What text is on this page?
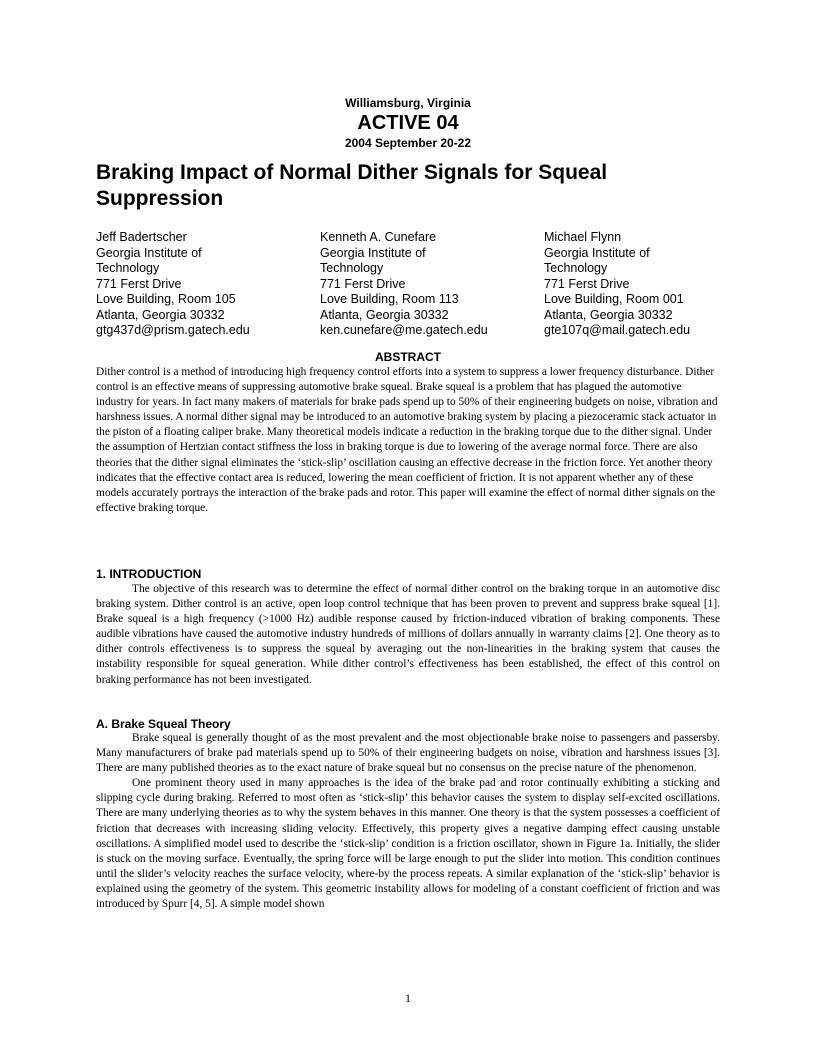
Williamsburg, Virginia
ACTIVE 04
2004 September 20-22
Braking Impact of Normal Dither Signals for Squeal Suppression
Jeff Badertscher
Georgia Institute of
Technology
771 Ferst Drive
Love Building, Room 105
Atlanta, Georgia 30332
gtg437d@prism.gatech.edu
Kenneth A. Cunefare
Georgia Institute of
Technology
771 Ferst Drive
Love Building, Room 113
Atlanta, Georgia 30332
ken.cunefare@me.gatech.edu
Michael Flynn
Georgia Institute of
Technology
771 Ferst Drive
Love Building, Room 001
Atlanta, Georgia 30332
gte107q@mail.gatech.edu
ABSTRACT

Dither control is a method of introducing high frequency control efforts into a system to suppress a lower frequency disturbance. Dither control is an effective means of suppressing automotive brake squeal. Brake squeal is a problem that has plagued the automotive industry for years. In fact many makers of materials for brake pads spend up to 50% of their engineering budgets on noise, vibration and harshness issues. A normal dither signal may be introduced to an automotive braking system by placing a piezoceramic stack actuator in the piston of a floating caliper brake. Many theoretical models indicate a reduction in the braking torque due to the dither signal. Under the assumption of Hertzian contact stiffness the loss in braking torque is due to lowering of the average normal force. There are also theories that the dither signal eliminates the ‘stick-slip’ oscillation causing an effective decrease in the friction force. Yet another theory indicates that the effective contact area is reduced, lowering the mean coefficient of friction. It is not apparent whether any of these models accurately portrays the interaction of the brake pads and rotor. This paper will examine the effect of normal dither signals on the effective braking torque.

1. INTRODUCTION

The objective of this research was to determine the effect of normal dither control on the braking torque in an automotive disc braking system. Dither control is an active, open loop control technique that has been proven to prevent and suppress brake squeal [1]. Brake squeal is a high frequency (>1000 Hz) audible response caused by friction-induced vibration of braking components. These audible vibrations have caused the automotive industry hundreds of millions of dollars annually in warranty claims [2]. One theory as to dither controls effectiveness is to suppress the squeal by averaging out the non-linearities in the braking system that causes the instability responsible for squeal generation. While dither control’s effectiveness has been established, the effect of this control on braking performance has not been investigated.

A. Brake Squeal Theory

Brake squeal is generally thought of as the most prevalent and the most objectionable brake noise to passengers and passersby. Many manufacturers of brake pad materials spend up to 50% of their engineering budgets on noise, vibration and harshness issues [3]. There are many published theories as to the exact nature of brake squeal but no consensus on the precise nature of the phenomenon.

One prominent theory used in many approaches is the idea of the brake pad and rotor continually exhibiting a sticking and slipping cycle during braking. Referred to most often as ‘stick-slip’ this behavior causes the system to display self-excited oscillations. There are many underlying theories as to why the system behaves in this manner. One theory is that the system possesses a coefficient of friction that decreases with increasing sliding velocity. Effectively, this property gives a negative damping effect causing unstable oscillations. A simplified model used to describe the ‘stick-slip’ condition is a friction oscillator, shown in Figure 1a. Initially, the slider is stuck on the moving surface. Eventually, the spring force will be large enough to put the slider into motion. This condition continues until the slider’s velocity reaches the surface velocity, where-by the process repeats. A similar explanation of the ‘stick-slip’ behavior is explained using the geometry of the system. This geometric instability allows for modeling of a constant coefficient of friction and was introduced by Spurr [4, 5]. A simple model shown

1
